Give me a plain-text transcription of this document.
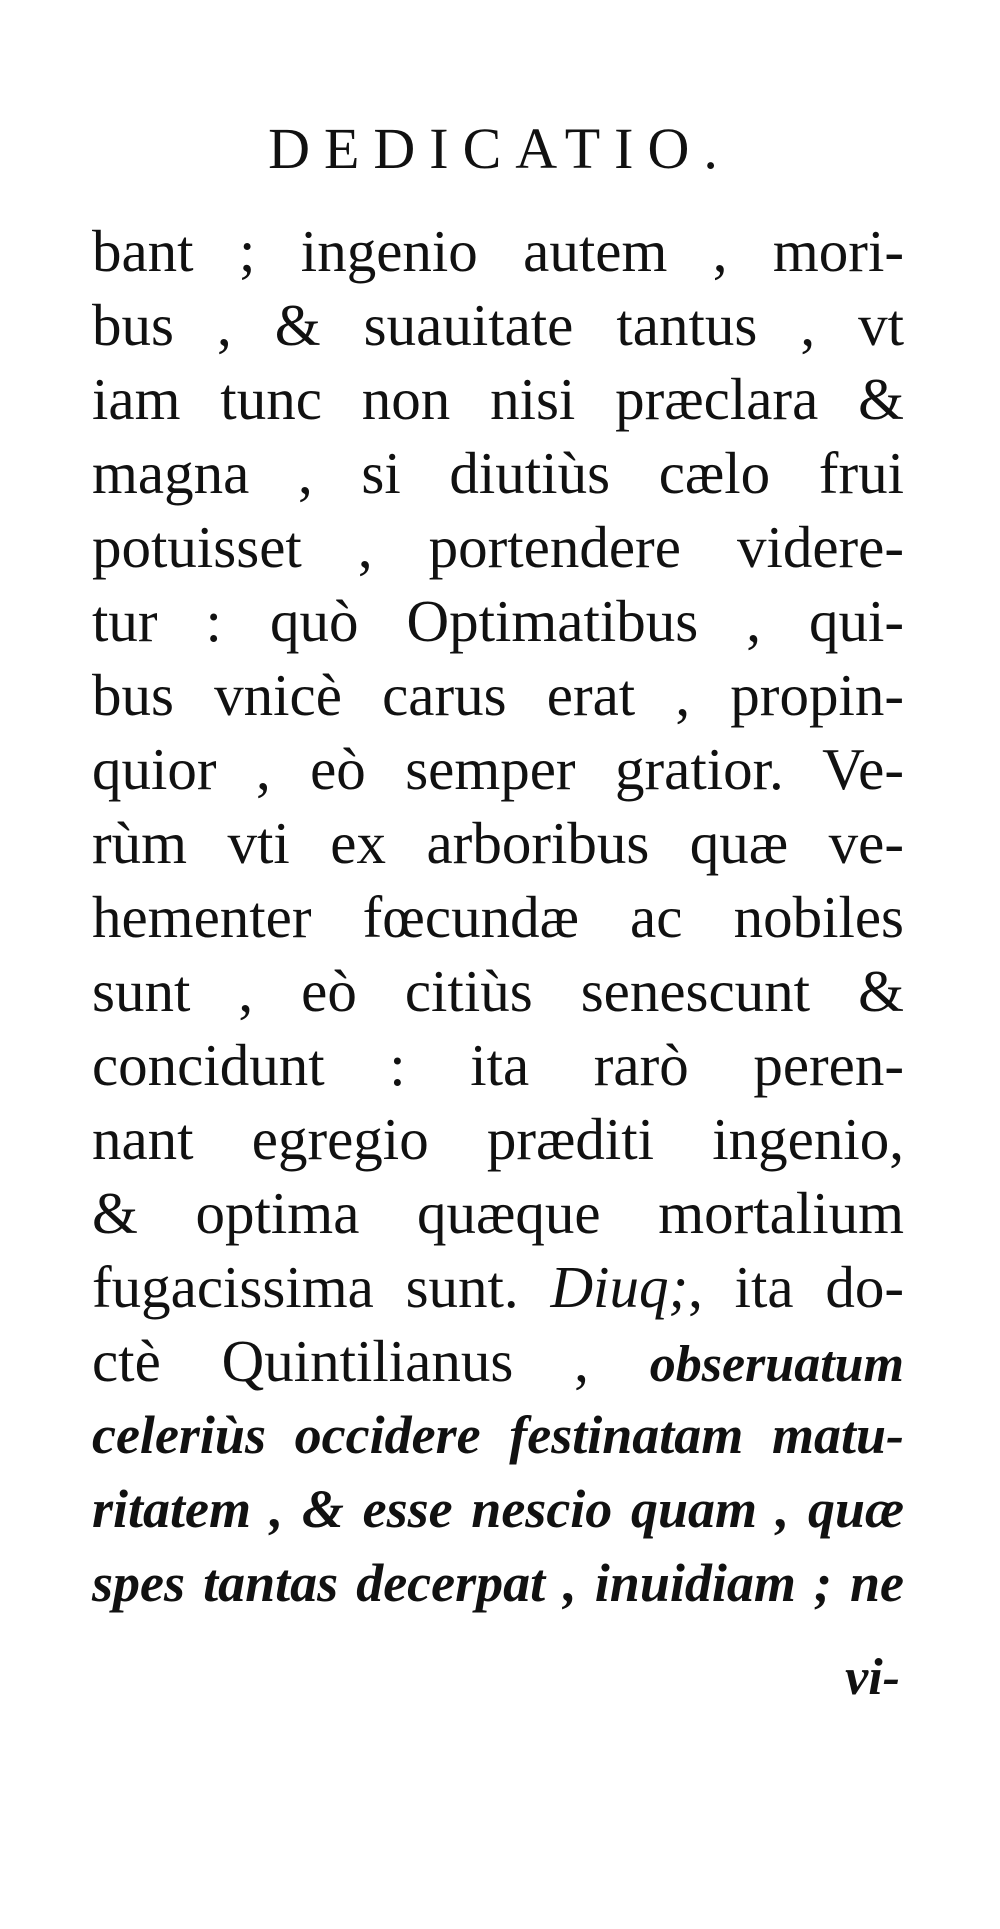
DEDICATIO.
bant ; ingenio autem , mori-
bus , & suauitate tantus , vt
iam tunc non nisi præclara &
magna , si diutiùs cælo frui
potuisset , portendere videre-
tur : quò Optimatibus , qui-
bus vnicè carus erat , propin-
quior , eò semper gratior. Ve-
rùm vti ex arboribus quæ ve-
hementer fœcundæ ac nobiles
sunt , eò citiùs senescunt &
concidunt : ita rarò peren-
nant egregio præditi ingenio,
& optima quæque mortalium
fugacissima sunt. Diuq;, ita do-
ctè Quintilianus , obseruatum
celeriùs occidere festinatam matu-
ritatem , & esse nescio quam , quæ
spes tantas decerpat , inuidiam ; ne
vi-
